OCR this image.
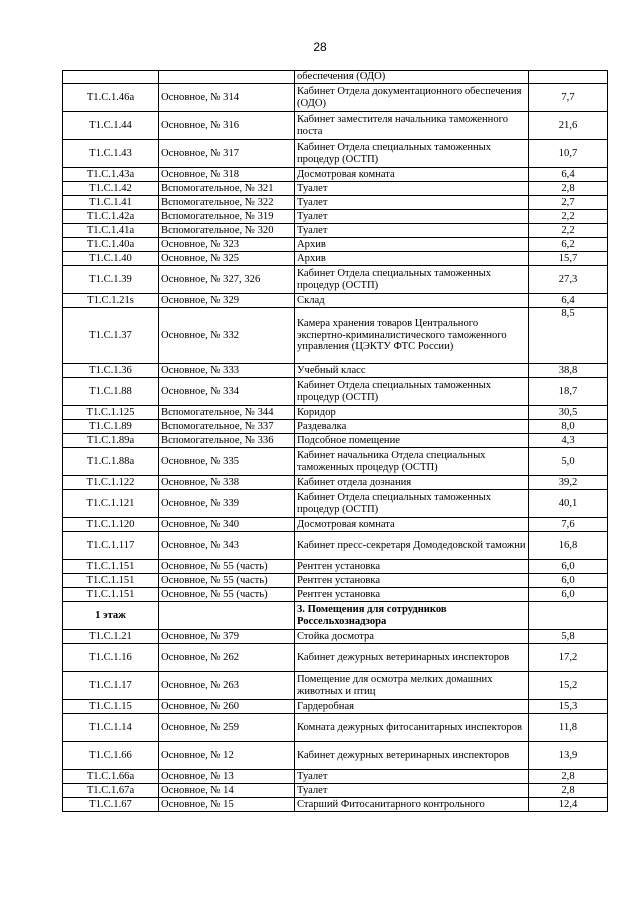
28
		обеспечения (ОДО)	
Т1.С.1.46а	Основное, № 314	Кабинет Отдела документационного обеспечения (ОДО)	7,7
Т1.С.1.44	Основное, № 316	Кабинет заместителя начальника таможенного поста	21,6
Т1.С.1.43	Основное, № 317	Кабинет Отдела специальных таможенных процедур (ОСТП)	10,7
Т1.С.1.43а	Основное, № 318	Досмотровая комната	6,4
Т1.С.1.42	Вспомогательное, № 321	Туалет	2,8
Т1.С.1.41	Вспомогательное, № 322	Туалет	2,7
Т1.С.1.42а	Вспомогательное, № 319	Туалет	2,2
Т1.С.1.41а	Вспомогательное, № 320	Туалет	2,2
Т1.С.1.40а	Основное, № 323	Архив	6,2
Т1.С.1.40	Основное, № 325	Архив	15,7
Т1.С.1.39	Основное, № 327, 326	Кабинет Отдела специальных таможенных процедур (ОСТП)	27,3
Т1.С.1.21s	Основное, № 329	Склад	6,4
Т1.С.1.37	Основное, № 332	Камера хранения товаров Центрального экспертно-криминалистического таможенного управления (ЦЭКТУ ФТС России)	8,5
Т1.С.1.36	Основное, № 333	Учебный класс	38,8
Т1.С.1.88	Основное, № 334	Кабинет Отдела специальных таможенных процедур (ОСТП)	18,7
Т1.С.1.125	Вспомогательное, № 344	Коридор	30,5
Т1.С.1.89	Вспомогательное, № 337	Раздевалка	8,0
Т1.С.1.89а	Вспомогательное, № 336	Подсобное помещение	4,3
Т1.С.1.88а	Основное, № 335	Кабинет начальника Отдела специальных таможенных процедур (ОСТП)	5,0
Т1.С.1.122	Основное, № 338	Кабинет отдела дознания	39,2
Т1.С.1.121	Основное, № 339	Кабинет Отдела специальных таможенных процедур (ОСТП)	40,1
Т1.С.1.120	Основное, № 340	Досмотровая комната	7,6
Т1.С.1.117	Основное, № 343	Кабинет пресс-секретаря Домодедовской таможни	16,8
Т1.С.1.151	Основное, № 55 (часть)	Рентген установка	6,0
Т1.С.1.151	Основное, № 55 (часть)	Рентген установка	6,0
Т1.С.1.151	Основное, № 55 (часть)	Рентген установка	6,0
1 этаж		3. Помещения для сотрудников Россельхознадзора	
Т1.С.1.21	Основное, № 379	Стойка досмотра	5,8
Т1.С.1.16	Основное, № 262	Кабинет дежурных ветеринарных инспекторов	17,2
Т1.С.1.17	Основное, № 263	Помещение для осмотра мелких домашних животных и птиц	15,2
Т1.С.1.15	Основное, № 260	Гардеробная	15,3
Т1.С.1.14	Основное, № 259	Комната дежурных фитосанитарных инспекторов	11,8
Т1.С.1.66	Основное, № 12	Кабинет дежурных ветеринарных инспекторов	13,9
Т1.С.1.66а	Основное, № 13	Туалет	2,8
Т1.С.1.67а	Основное, № 14	Туалет	2,8
Т1.С.1.67	Основное, № 15	Старший Фитосанитарного контрольного	12,4
